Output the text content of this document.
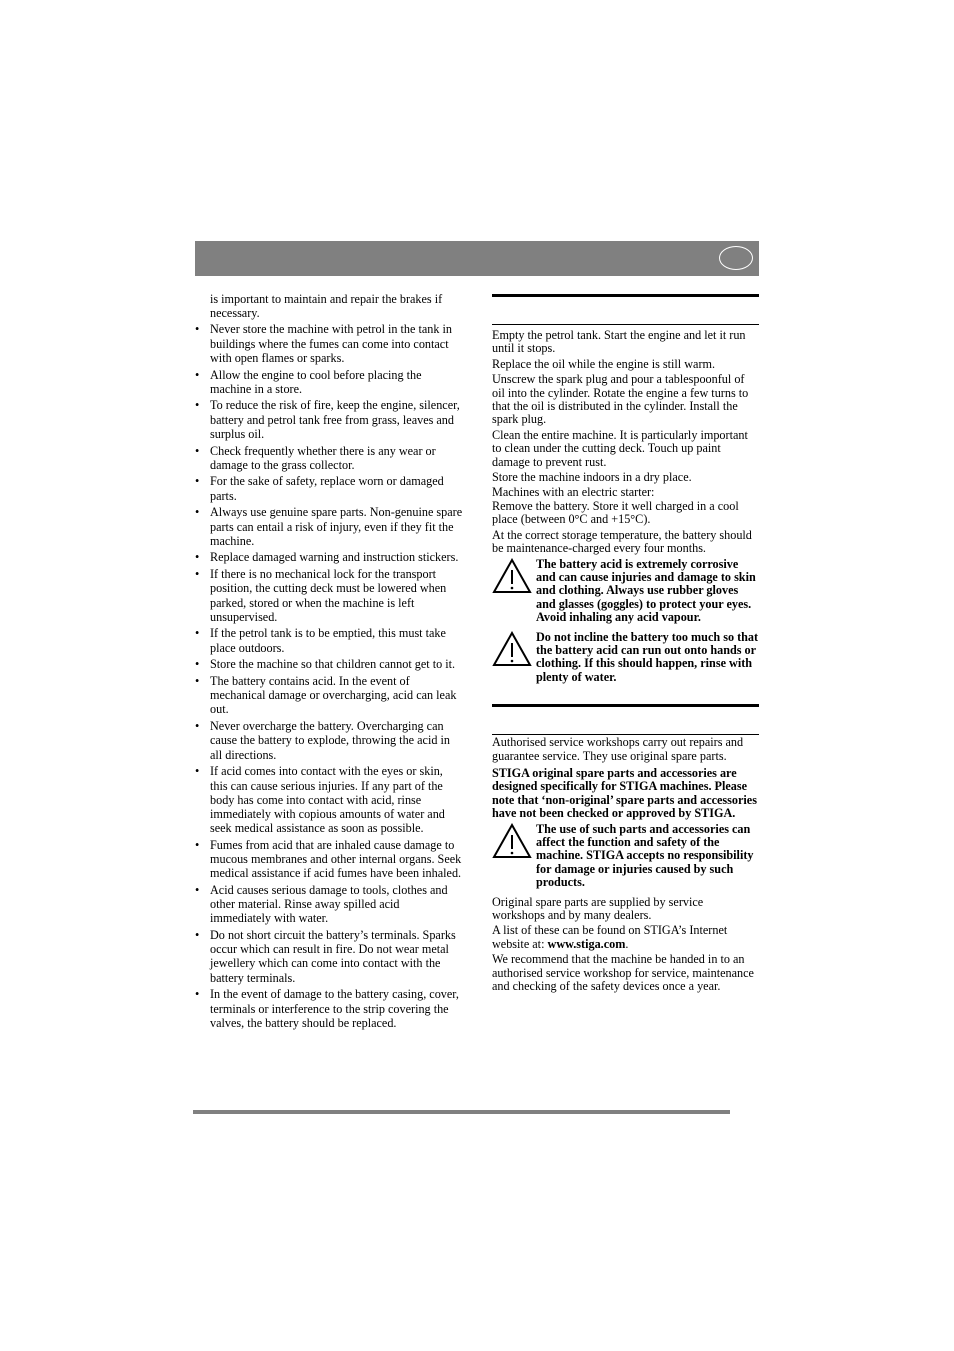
is important to maintain and repair the brakes if necessary.

• Never store the machine with petrol in the tank in buildings where the fumes can come into contact with open flames or sparks.
• Allow the engine to cool before placing the machine in a store.
• To reduce the risk of fire, keep the engine, silencer, battery and petrol tank free from grass, leaves and surplus oil.
• Check frequently whether there is any wear or damage to the grass collector.
• For the sake of safety, replace worn or damaged parts.
• Always use genuine spare parts. Non-genuine spare parts can entail a risk of injury, even if they fit the machine.
• Replace damaged warning and instruction stickers.
• If there is no mechanical lock for the transport position, the cutting deck must be lowered when parked, stored or when the machine is left unsupervised.
• If the petrol tank is to be emptied, this must take place outdoors.
• Store the machine so that children cannot get to it.
• The battery contains acid. In the event of mechanical damage or overcharging, acid can leak out.
• Never overcharge the battery. Overcharging can cause the battery to explode, throwing the acid in all directions.
• If acid comes into contact with the eyes or skin, this can cause serious injuries. If any part of the body has come into contact with acid, rinse immediately with copious amounts of water and seek medical assistance as soon as possible.
• Fumes from acid that are inhaled cause damage to mucous membranes and other internal organs. Seek medical assistance if acid fumes have been inhaled.
• Acid causes serious damage to tools, clothes and other material. Rinse away spilled acid immediately with water.
• Do not short circuit the battery’s terminals. Sparks occur which can result in fire. Do not wear metal jewellery which can come into contact with the battery terminals.
• In the event of damage to the battery casing, cover, terminals or interference to the strip covering the valves, the battery should be replaced.

Empty the petrol tank. Start the engine and let it run until it stops.

Replace the oil while the engine is still warm.

Unscrew the spark plug and pour a tablespoonful of oil into the cylinder. Rotate the engine a few turns to that the oil is distributed in the cylinder. Install the spark plug.

Clean the entire machine. It is particularly important to clean under the cutting deck. Touch up paint damage to prevent rust.

Store the machine indoors in a dry place.

Machines with an electric starter:

Remove the battery. Store it well charged in a cool place (between 0°C and +15°C).

At the correct storage temperature, the battery should be maintenance-charged every four months.

The battery acid is extremely corrosive and can cause injuries and damage to skin and clothing. Always use rubber gloves and glasses (goggles) to protect your eyes. Avoid inhaling any acid vapour.

Do not incline the battery too much so that the battery acid can run out onto hands or clothing. If this should happen, rinse with plenty of water.

Authorised service workshops carry out repairs and guarantee service. They use original spare parts.

STIGA original spare parts and accessories are designed specifically for STIGA machines. Please note that ‘non-original’ spare parts and accessories have not been checked or approved by STIGA.

The use of such parts and accessories can affect the function and safety of the machine. STIGA accepts no responsibility for damage or injuries caused by such products.

Original spare parts are supplied by service workshops and by many dealers.

A list of these can be found on STIGA’s Internet website at: www.stiga.com.

We recommend that the machine be handed in to an authorised service workshop for service, maintenance and checking of the safety devices once a year.
